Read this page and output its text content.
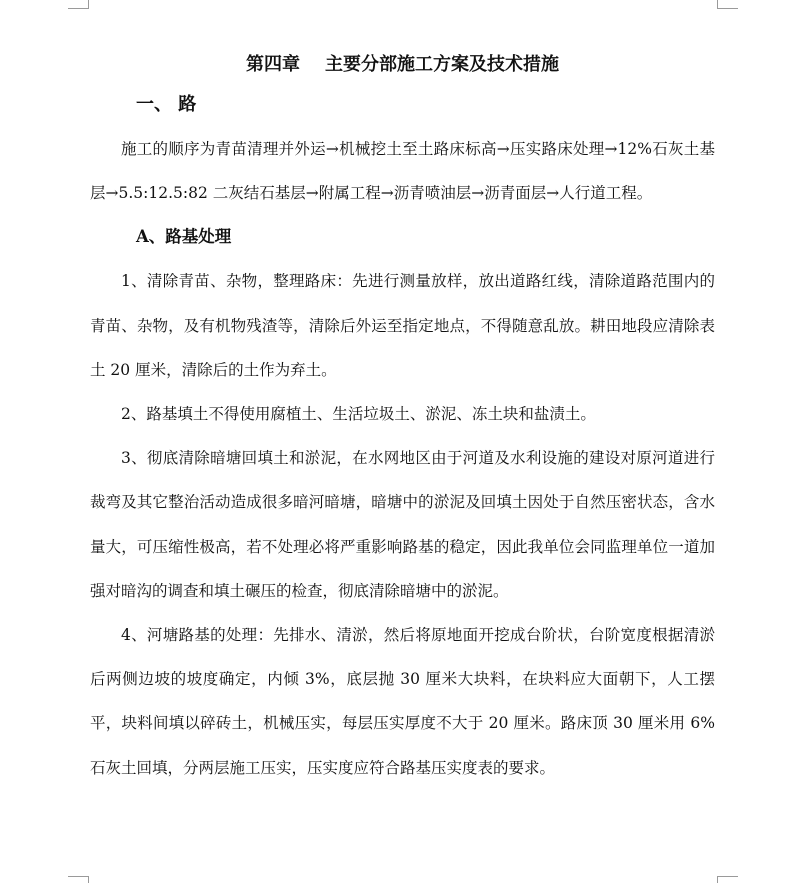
第四章    主要分部施工方案及技术措施
一、 路

施工的顺序为青苗清理并外运→机械挖土至土路床标高→压实路床处理→12%石灰土基层→5.5:12.5:82 二灰结石基层→附属工程→沥青喷油层→沥青面层→人行道工程。

A、路基处理

1、清除青苗、杂物，整理路床：先进行测量放样，放出道路红线，清除道路范围内的青苗、杂物，及有机物残渣等，清除后外运至指定地点，不得随意乱放。耕田地段应清除表土 20 厘米，清除后的土作为弃土。

2、路基填土不得使用腐植土、生活垃圾土、淤泥、冻土块和盐渍土。

3、彻底清除暗塘回填土和淤泥，在水网地区由于河道及水利设施的建设对原河道进行裁弯及其它整治活动造成很多暗河暗塘，暗塘中的淤泥及回填土因处于自然压密状态，含水量大，可压缩性极高，若不处理必将严重影响路基的稳定，因此我单位会同监理单位一道加强对暗沟的调查和填土碾压的检查，彻底清除暗塘中的淤泥。

4、河塘路基的处理：先排水、清淤，然后将原地面开挖成台阶状，台阶宽度根据清淤后两侧边坡的坡度确定，内倾 3%，底层抛 30 厘米大块料，在块料应大面朝下，人工摆平，块料间填以碎砖土，机械压实，每层压实厚度不大于 20 厘米。路床顶 30 厘米用 6%石灰土回填，分两层施工压实，压实度应符合路基压实度表的要求。
